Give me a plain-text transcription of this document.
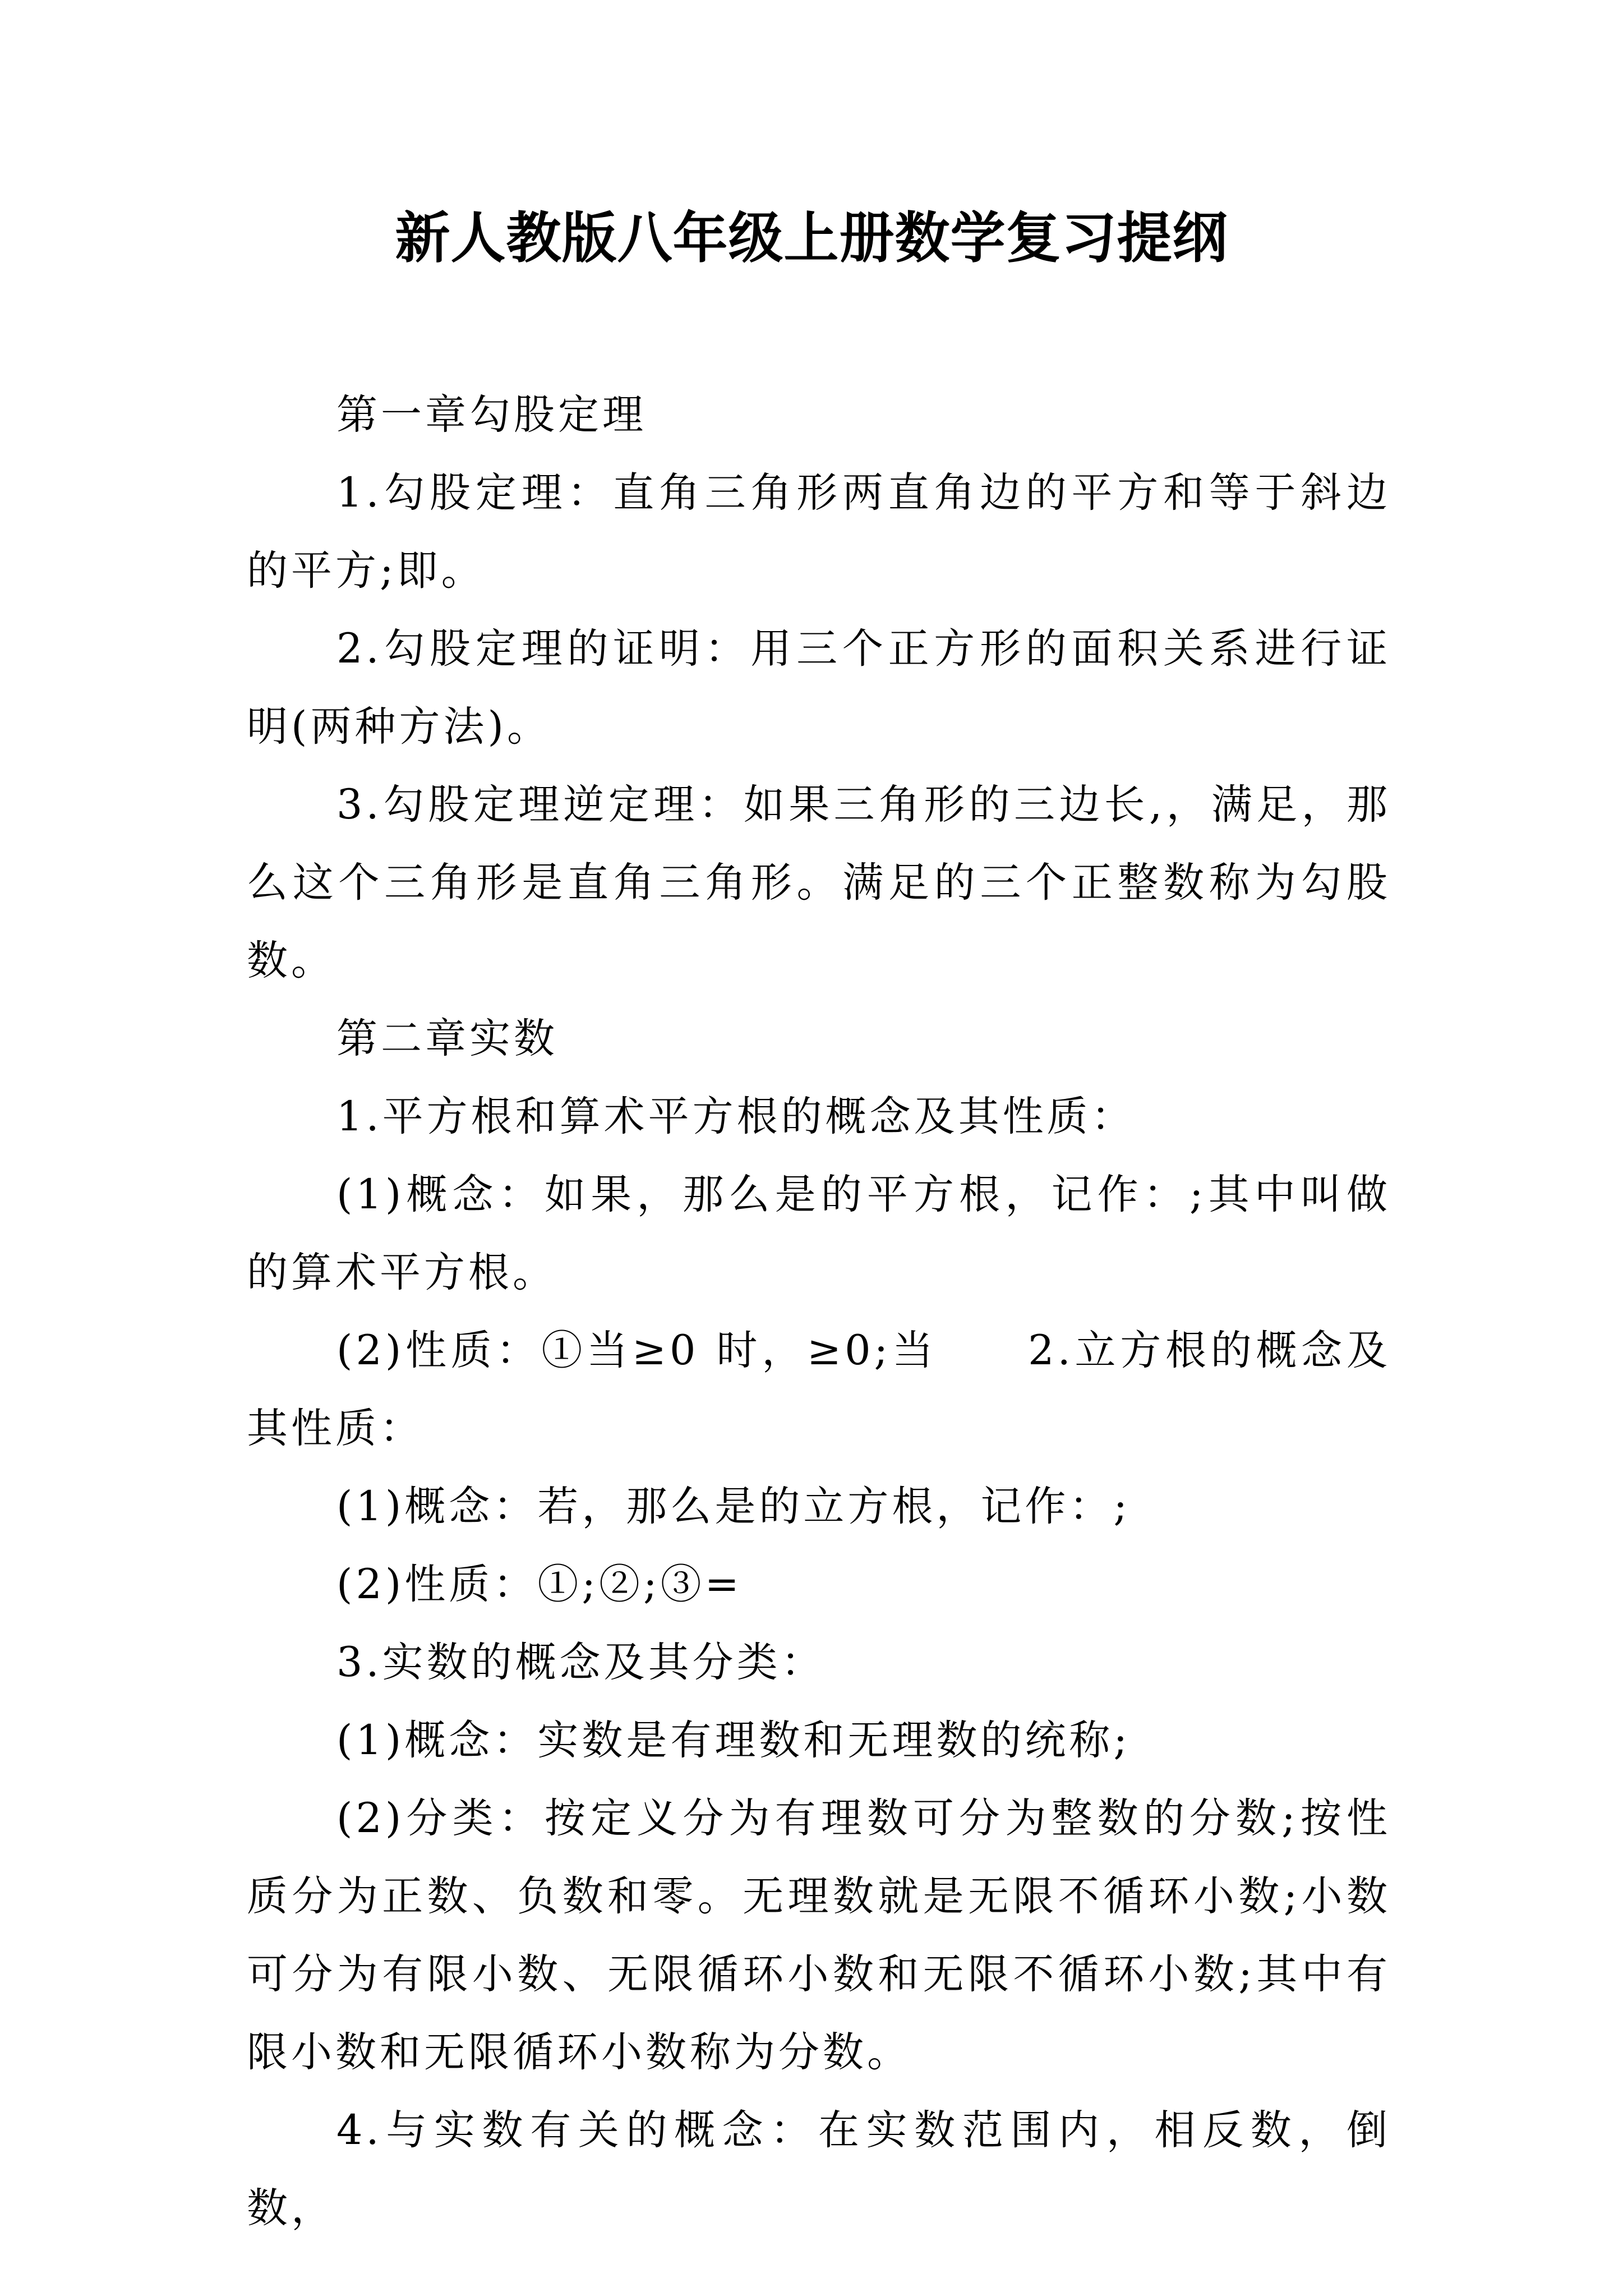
新人教版八年级上册数学复习提纲

第一章勾股定理

1.勾股定理：直角三角形两直角边的平方和等于斜边的平方;即。

2.勾股定理的证明：用三个正方形的面积关系进行证明(两种方法)。

3.勾股定理逆定理：如果三角形的三边长,，满足，那么这个三角形是直角三角形。满足的三个正整数称为勾股数。

第二章实数

1.平方根和算术平方根的概念及其性质：

(1)概念：如果，那么是的平方根，记作：;其中叫做的算术平方根。

(2)性质：①当≥0 时，≥0;当　　2.立方根的概念及其性质：

(1)概念：若，那么是的立方根，记作：;

(2)性质：①;②;③=

3.实数的概念及其分类：

(1)概念：实数是有理数和无理数的统称;

(2)分类：按定义分为有理数可分为整数的分数;按性质分为正数、负数和零。无理数就是无限不循环小数;小数可分为有限小数、无限循环小数和无限不循环小数;其中有限小数和无限循环小数称为分数。

4.与实数有关的概念：在实数范围内，相反数，倒数，
